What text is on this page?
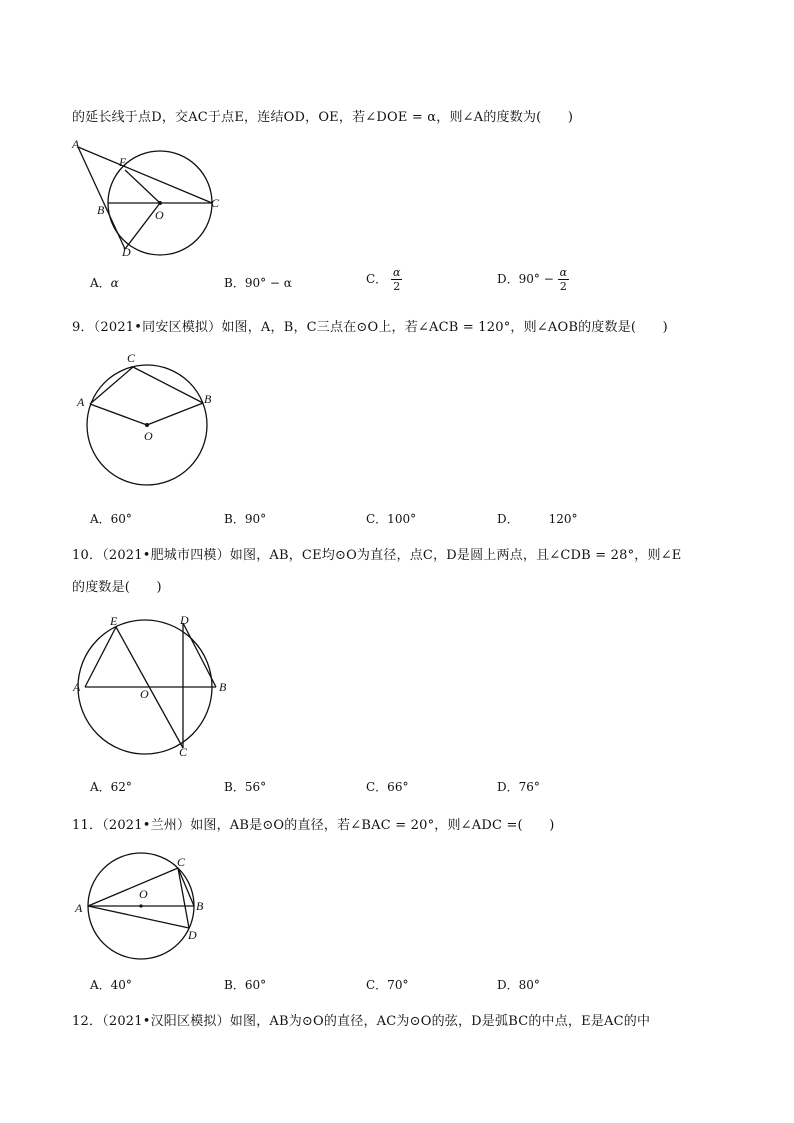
的延长线于点D，交AC于点E，连结OD，OE，若∠DOE = α，则∠A的度数为(　　)
A
E
B	O
C
D
A．α	B．90° − α	C． $\frac{\alpha}{2}$	D．$90^\circ - \frac{\alpha}{2}$
9．（2021•同安区模拟）如图，A，B，C三点在⊙O上，若∠ACB = 120°，则∠AOB的度数是(　　)
A
C
B
O
A．60°	B．90°	C．100°	D．	120°
10．（2021•肥城市四模）如图，AB，CE均⊙O为直径，点C，D是圆上两点，且∠CDB = 28°，则∠E
的度数是(　　)
A
E	D
B
O
C
A．62°	B．56°	C．66°	D．76°
11．（2021•兰州）如图，AB是⊙O的直径，若∠BAC = 20°，则∠ADC =(　　)
A
C
B
D
O
A．40°	B．60°	C．70°	D．80°
12．（2021•汉阳区模拟）如图，AB为⊙O的直径，AC为⊙O的弦，D是弧BC的中点，E是AC的中
